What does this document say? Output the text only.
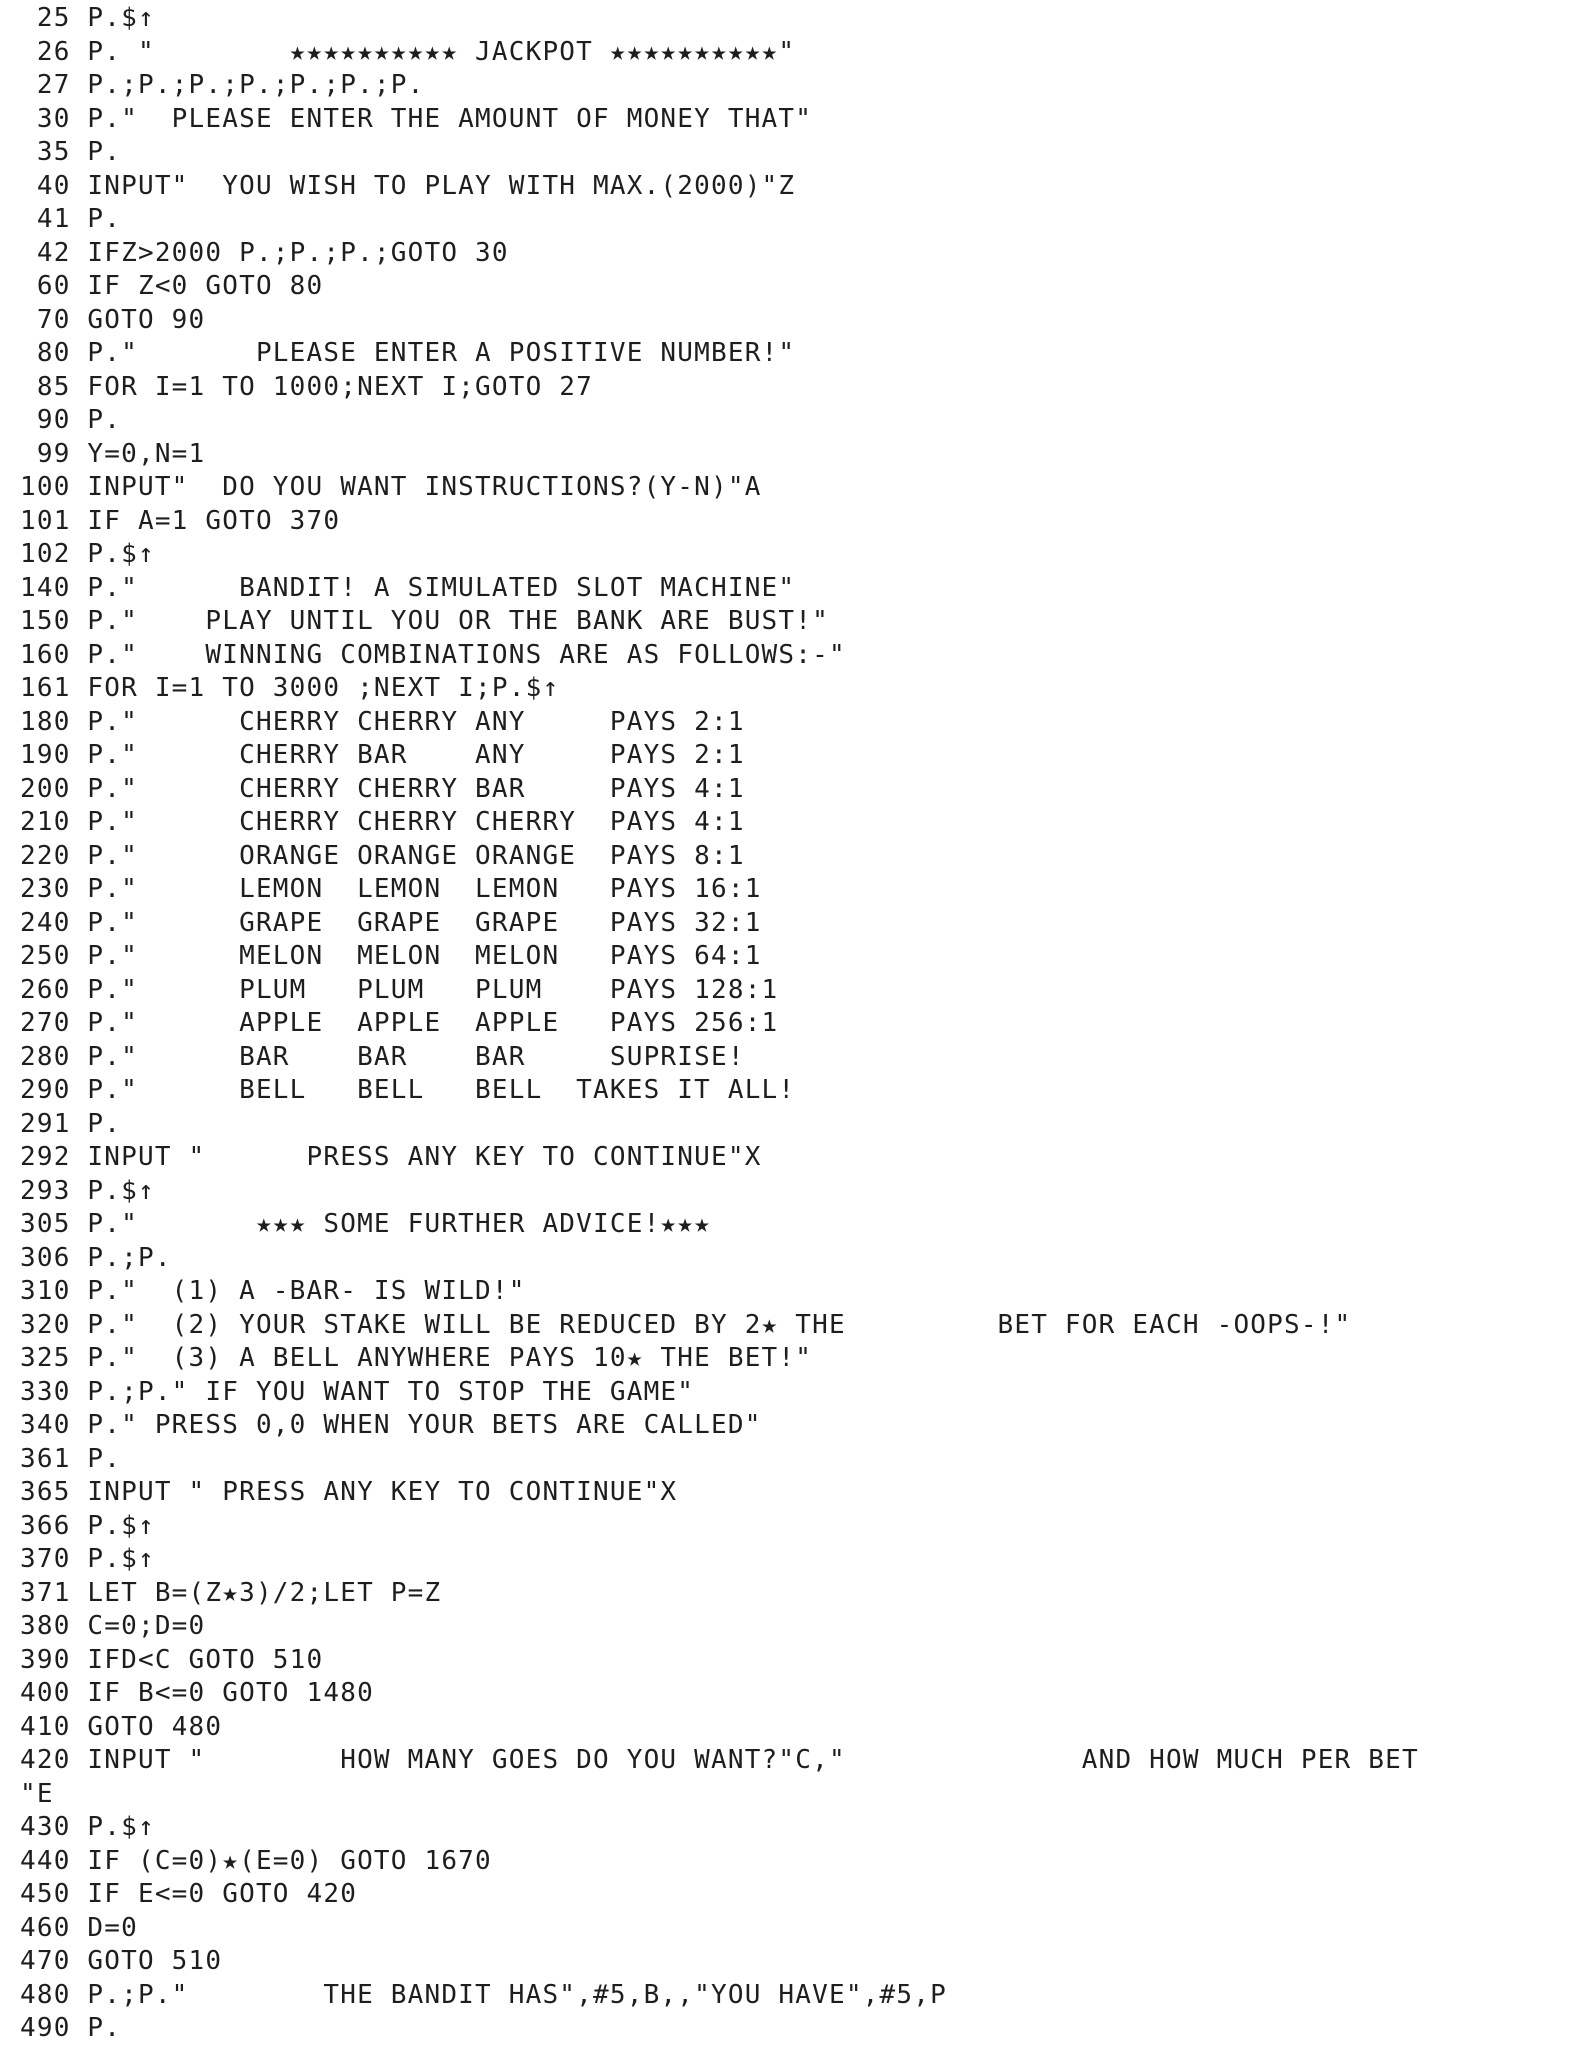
25 P.$↑
26 P. "        ★★★★★★★★★★ JACKPOT ★★★★★★★★★★"
27 P.;P.;P.;P.;P.;P.;P.
30 P."  PLEASE ENTER THE AMOUNT OF MONEY THAT"
35 P.
40 INPUT"  YOU WISH TO PLAY WITH MAX.(2000)"Z
41 P.
42 IFZ>2000 P.;P.;P.;GOTO 30
60 IF Z<0 GOTO 80
70 GOTO 90
80 P."       PLEASE ENTER A POSITIVE NUMBER!"
85 FOR I=1 TO 1000;NEXT I;GOTO 27
90 P.
99 Y=0,N=1
100 INPUT"  DO YOU WANT INSTRUCTIONS?(Y-N)"A
101 IF A=1 GOTO 370
102 P.$↑
140 P."      BANDIT! A SIMULATED SLOT MACHINE"
150 P."    PLAY UNTIL YOU OR THE BANK ARE BUST!"
160 P."    WINNING COMBINATIONS ARE AS FOLLOWS:-"
161 FOR I=1 TO 3000 ;NEXT I;P.$↑
180 P."      CHERRY CHERRY ANY     PAYS 2:1
190 P."      CHERRY BAR    ANY     PAYS 2:1
200 P."      CHERRY CHERRY BAR     PAYS 4:1
210 P."      CHERRY CHERRY CHERRY  PAYS 4:1
220 P."      ORANGE ORANGE ORANGE  PAYS 8:1
230 P."      LEMON  LEMON  LEMON   PAYS 16:1
240 P."      GRAPE  GRAPE  GRAPE   PAYS 32:1
250 P."      MELON  MELON  MELON   PAYS 64:1
260 P."      PLUM   PLUM   PLUM    PAYS 128:1
270 P."      APPLE  APPLE  APPLE   PAYS 256:1
280 P."      BAR    BAR    BAR     SUPRISE!
290 P."      BELL   BELL   BELL  TAKES IT ALL!
291 P.
292 INPUT "      PRESS ANY KEY TO CONTINUE"X
293 P.$↑
305 P."       ★★★ SOME FURTHER ADVICE!★★★
306 P.;P.
310 P."  (1) A -BAR- IS WILD!"
320 P."  (2) YOUR STAKE WILL BE REDUCED BY 2★ THE         BET FOR EACH -OOPS-!"
325 P."  (3) A BELL ANYWHERE PAYS 10★ THE BET!"
330 P.;P." IF YOU WANT TO STOP THE GAME"
340 P." PRESS 0,0 WHEN YOUR BETS ARE CALLED"
361 P.
365 INPUT " PRESS ANY KEY TO CONTINUE"X
366 P.$↑
370 P.$↑
371 LET B=(Z★3)/2;LET P=Z
380 C=0;D=0
390 IFD<C GOTO 510
400 IF B<=0 GOTO 1480
410 GOTO 480
420 INPUT "        HOW MANY GOES DO YOU WANT?"C,"              AND HOW MUCH PER BET
"E
430 P.$↑
440 IF (C=0)★(E=0) GOTO 1670
450 IF E<=0 GOTO 420
460 D=0
470 GOTO 510
480 P.;P."        THE BANDIT HAS",#5,B,,"YOU HAVE",#5,P
490 P.
